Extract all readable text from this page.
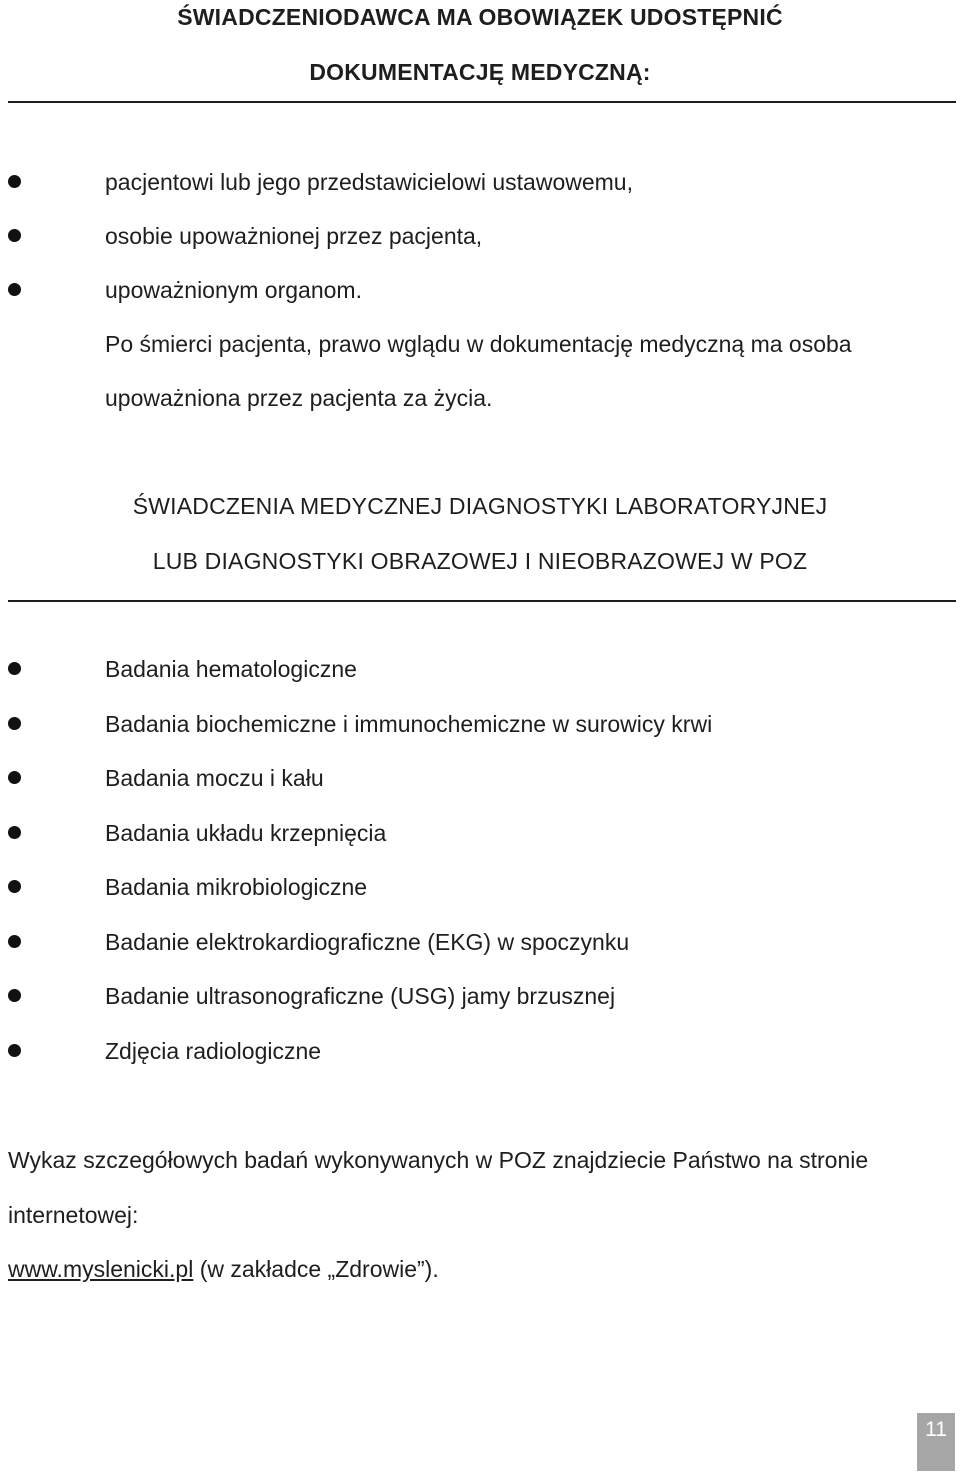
ŚWIADCZENIODAWCA MA OBOWIĄZEK UDOSTĘPNIĆ
DOKUMENTACJĘ MEDYCZNĄ:
pacjentowi lub jego przedstawicielowi ustawowemu,
osobie upoważnionej przez pacjenta,
upoważnionym organom.
Po śmierci pacjenta, prawo wglądu w dokumentację medyczną ma osoba
upoważniona przez pacjenta za życia.
ŚWIADCZENIA MEDYCZNEJ DIAGNOSTYKI LABORATORYJNEJ
LUB DIAGNOSTYKI OBRAZOWEJ I NIEOBRAZOWEJ W POZ
Badania hematologiczne
Badania biochemiczne i immunochemiczne w surowicy krwi
Badania moczu i kału
Badania układu krzepnięcia
Badania mikrobiologiczne
Badanie elektrokardiograficzne (EKG) w spoczynku
Badanie ultrasonograficzne (USG) jamy brzusznej
Zdjęcia radiologiczne
Wykaz szczegółowych badań wykonywanych w POZ znajdziecie Państwo na stronie
internetowej:
www.myslenicki.pl (w zakładce „Zdrowie”).
11
